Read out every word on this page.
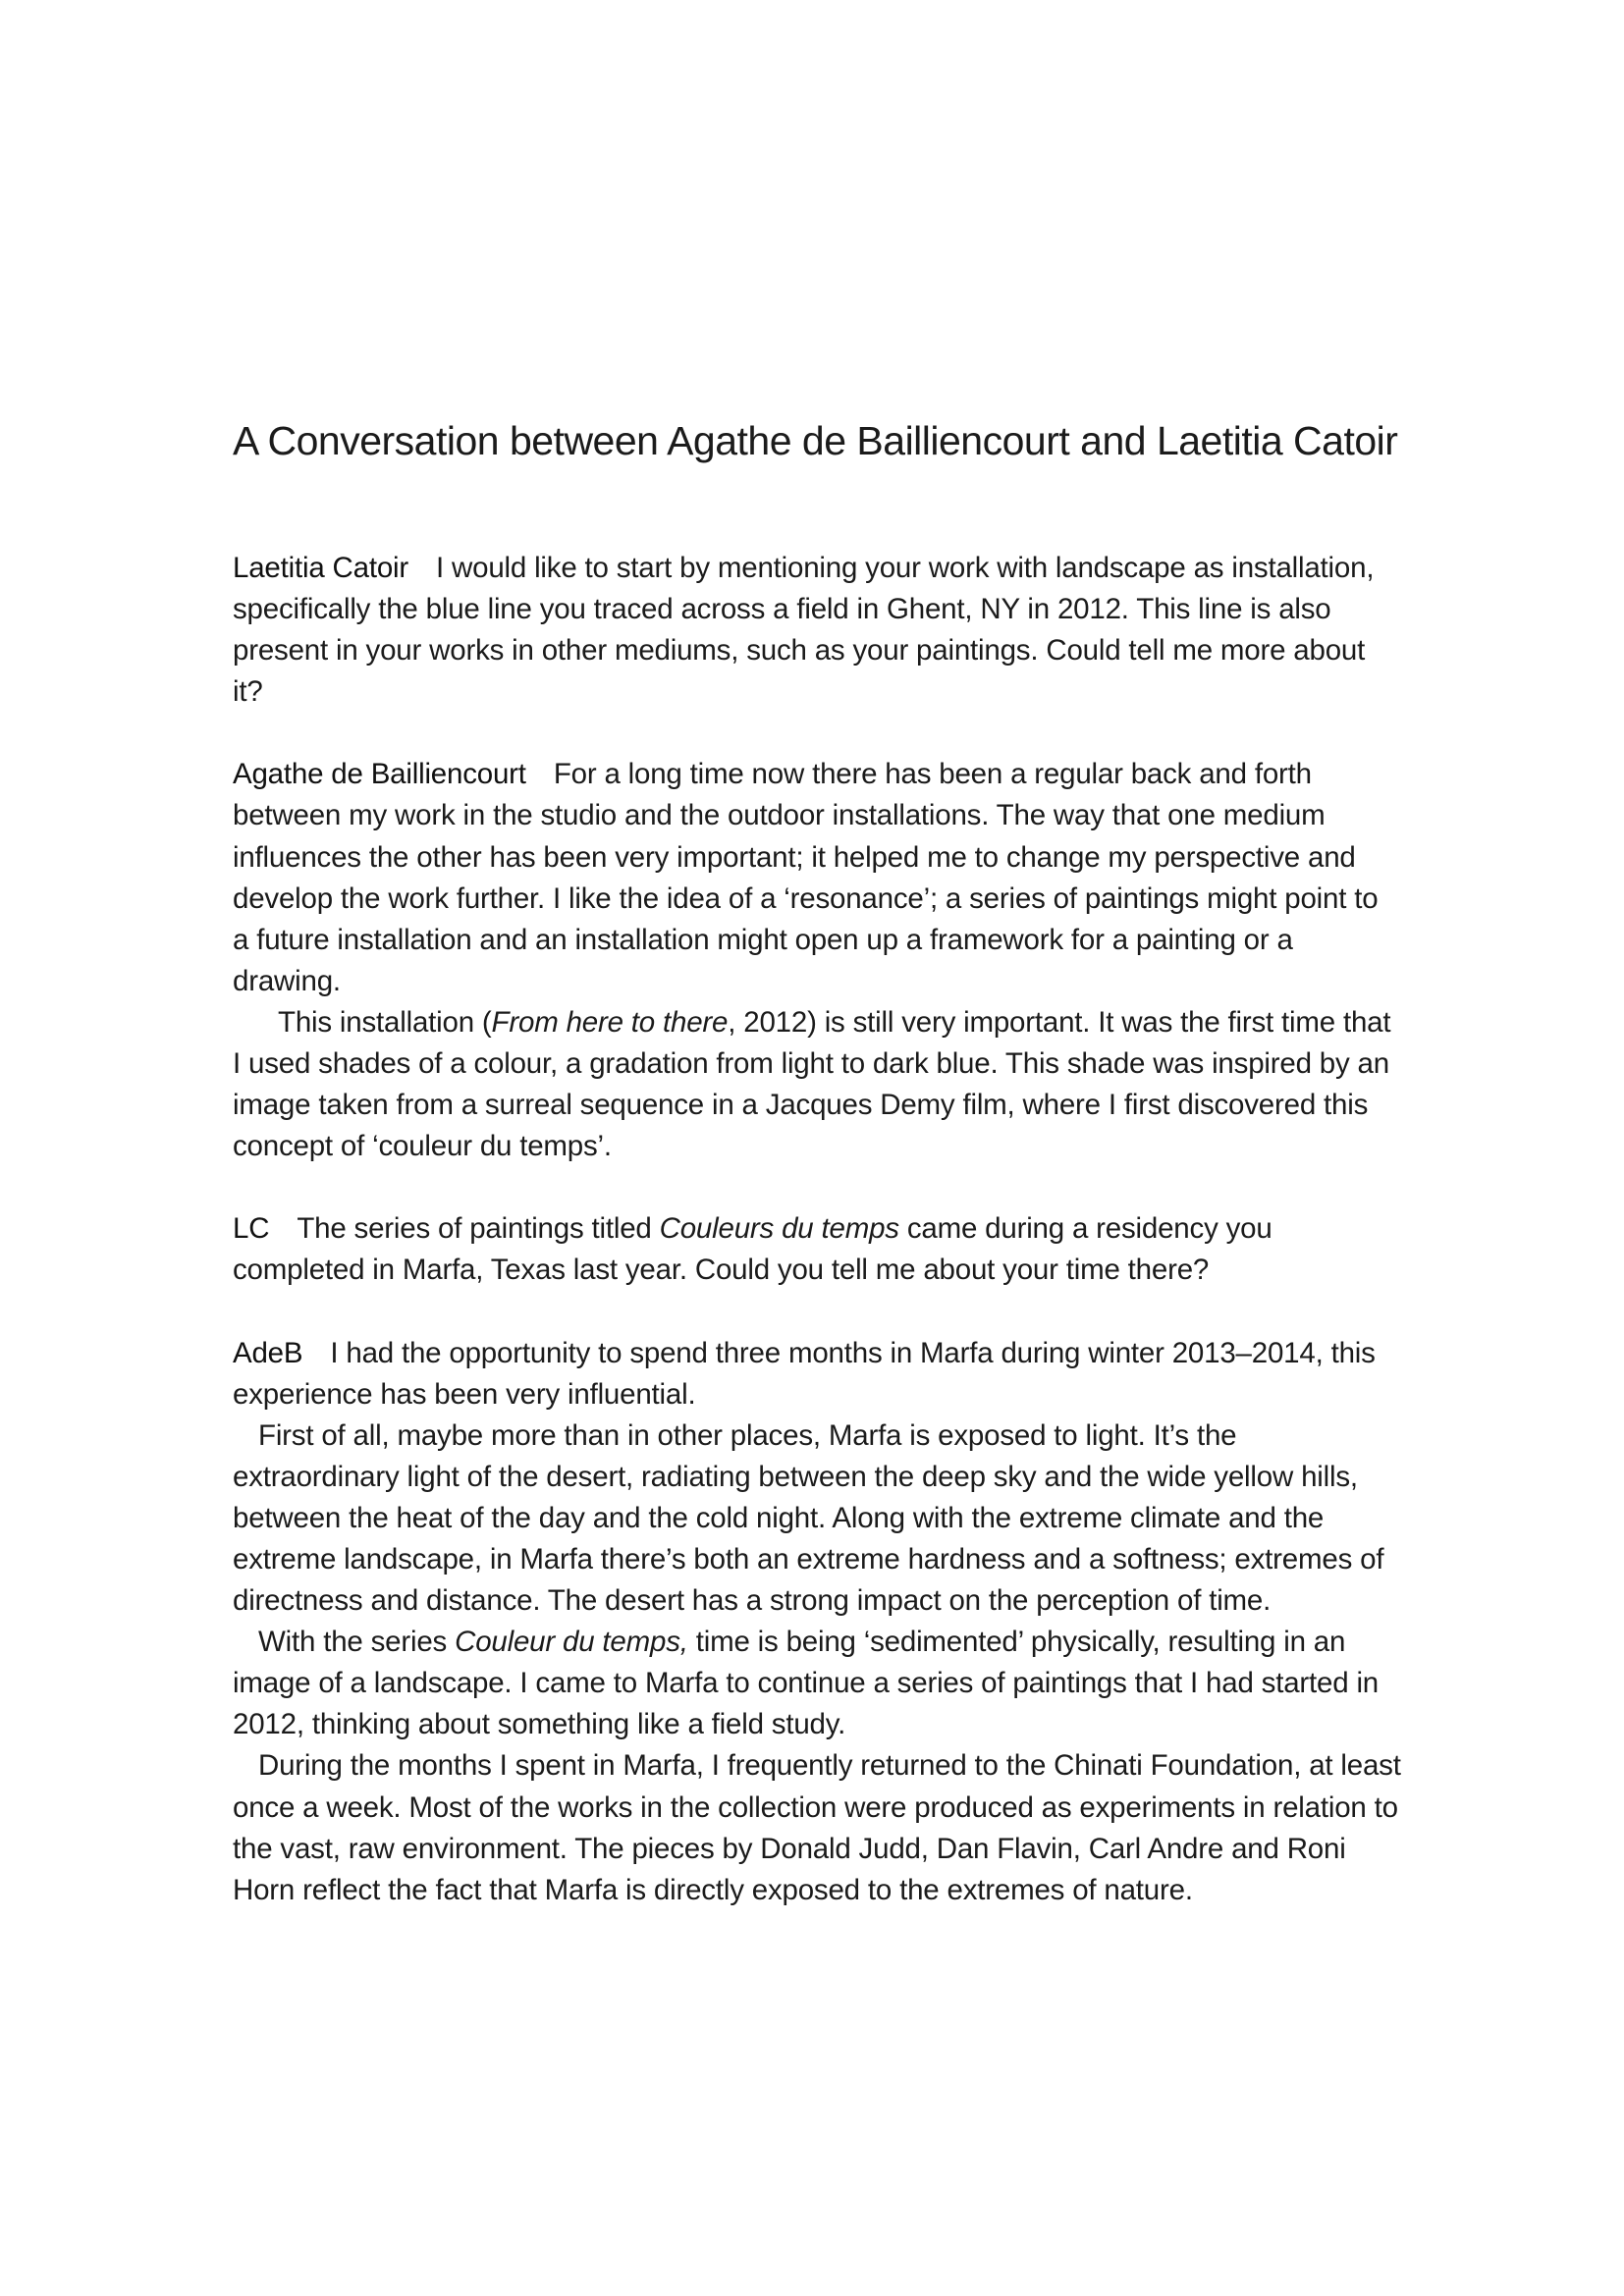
A Conversation between Agathe de Bailliencourt and Laetitia Catoir

Laetitia Catoir I would like to start by mentioning your work with landscape as installation, specifically the blue line you traced across a field in Ghent, NY in 2012. This line is also present in your works in other mediums, such as your paintings. Could tell me more about it?

Agathe de Bailliencourt For a long time now there has been a regular back and forth between my work in the studio and the outdoor installations. The way that one medium influences the other has been very important; it helped me to change my perspective and develop the work further. I like the idea of a ‘resonance’; a series of paintings might point to a future installation and an installation might open up a framework for a painting or a drawing.

This installation (From here to there, 2012) is still very important. It was the first time that I used shades of a colour, a gradation from light to dark blue. This shade was inspired by an image taken from a surreal sequence in a Jacques Demy film, where I first discovered this concept of ‘couleur du temps’.

LC The series of paintings titled Couleurs du temps came during a residency you completed in Marfa, Texas last year. Could you tell me about your time there?

AdeB I had the opportunity to spend three months in Marfa during winter 2013–2014, this experience has been very influential.

First of all, maybe more than in other places, Marfa is exposed to light. It’s the extraordinary light of the desert, radiating between the deep sky and the wide yellow hills, between the heat of the day and the cold night. Along with the extreme climate and the extreme landscape, in Marfa there’s both an extreme hardness and a softness; extremes of directness and distance. The desert has a strong impact on the perception of time.

With the series Couleur du temps, time is being ‘sedimented’ physically, resulting in an image of a landscape. I came to Marfa to continue a series of paintings that I had started in 2012, thinking about something like a field study.

During the months I spent in Marfa, I frequently returned to the Chinati Foundation, at least once a week. Most of the works in the collection were produced as experiments in relation to the vast, raw environment. The pieces by Donald Judd, Dan Flavin, Carl Andre and Roni Horn reflect the fact that Marfa is directly exposed to the extremes of nature.
